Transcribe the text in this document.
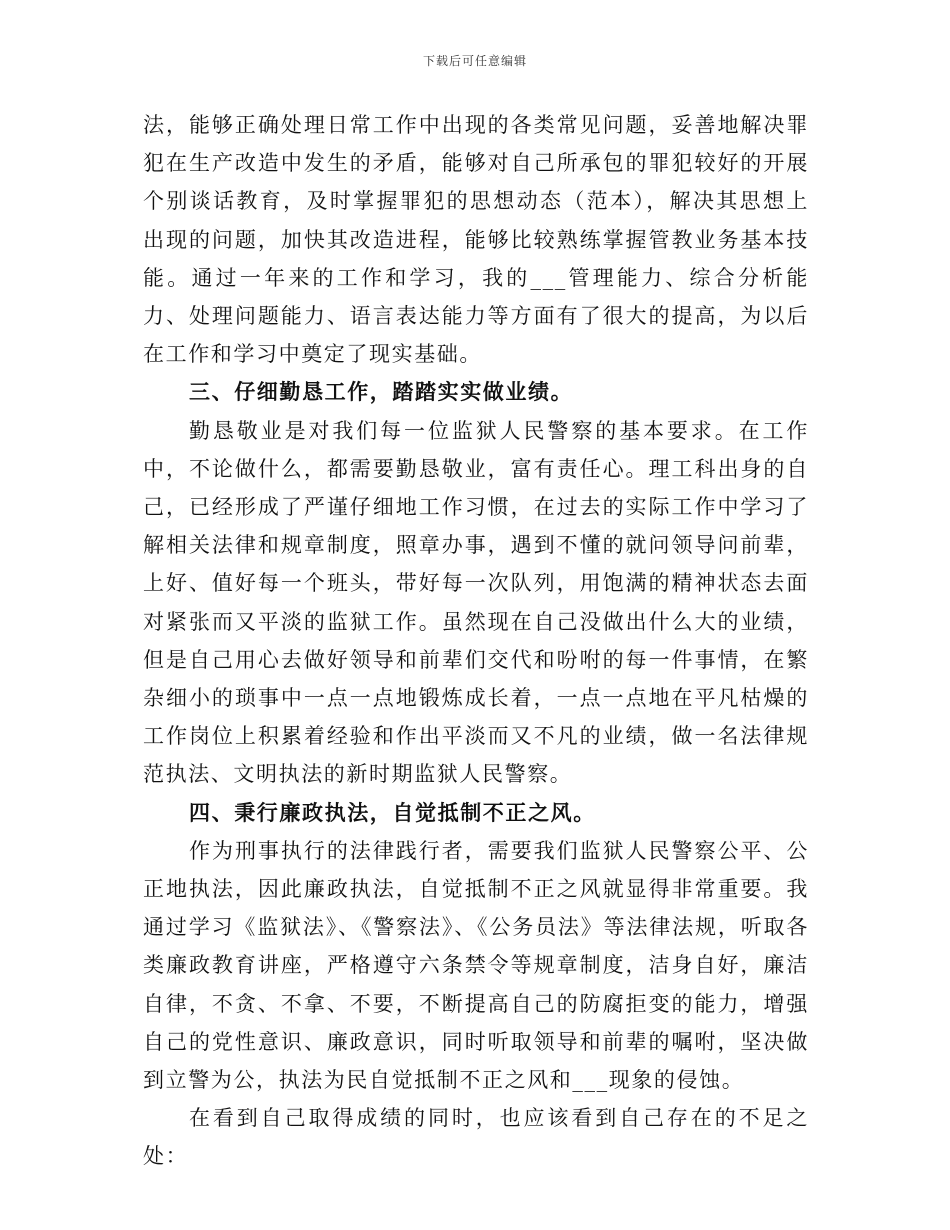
下载后可任意编辑

法，能够正确处理日常工作中出现的各类常见问题，妥善地解决罪犯在生产改造中发生的矛盾，能够对自己所承包的罪犯较好的开展个别谈话教育，及时掌握罪犯的思想动态（范本），解决其思想上出现的问题，加快其改造进程，能够比较熟练掌握管教业务基本技能。通过一年来的工作和学习，我的___管理能力、综合分析能力、处理问题能力、语言表达能力等方面有了很大的提高，为以后在工作和学习中奠定了现实基础。

三、仔细勤恳工作，踏踏实实做业绩。

勤恳敬业是对我们每一位监狱人民警察的基本要求。在工作中，不论做什么，都需要勤恳敬业，富有责任心。理工科出身的自己，已经形成了严谨仔细地工作习惯，在过去的实际工作中学习了解相关法律和规章制度，照章办事，遇到不懂的就问领导问前辈，上好、值好每一个班头，带好每一次队列，用饱满的精神状态去面对紧张而又平淡的监狱工作。虽然现在自己没做出什么大的业绩，但是自己用心去做好领导和前辈们交代和吩咐的每一件事情，在繁杂细小的琐事中一点一点地锻炼成长着，一点一点地在平凡枯燥的工作岗位上积累着经验和作出平淡而又不凡的业绩，做一名法律规范执法、文明执法的新时期监狱人民警察。

四、秉行廉政执法，自觉抵制不正之风。

作为刑事执行的法律践行者，需要我们监狱人民警察公平、公正地执法，因此廉政执法，自觉抵制不正之风就显得非常重要。我通过学习《监狱法》、《警察法》、《公务员法》等法律法规，听取各类廉政教育讲座，严格遵守六条禁令等规章制度，洁身自好，廉洁自律，不贪、不拿、不要，不断提高自己的防腐拒变的能力，增强自己的党性意识、廉政意识，同时听取领导和前辈的嘱咐，坚决做到立警为公，执法为民自觉抵制不正之风和___现象的侵蚀。

在看到自己取得成绩的同时，也应该看到自己存在的不足之处：
